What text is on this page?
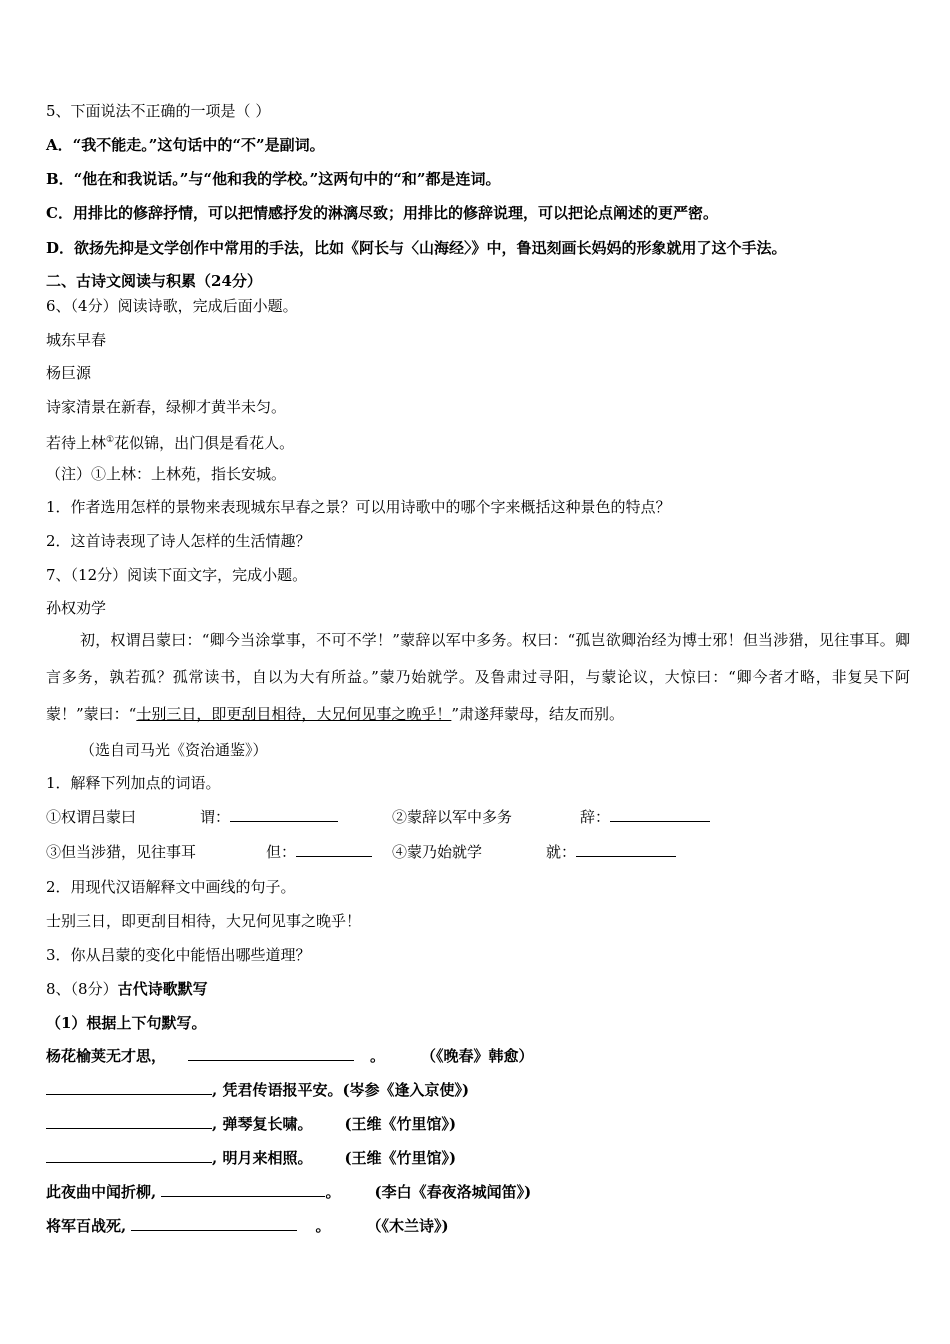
5、下面说法不正确的一项是（ ）
A．“我不能走。”这句话中的“不”是副词。
B．“他在和我说话。”与“他和我的学校。”这两句中的“和”都是连词。
C．用排比的修辞抒情，可以把情感抒发的淋漓尽致；用排比的修辞说理，可以把论点阐述的更严密。
D．欲扬先抑是文学创作中常用的手法，比如《阿长与〈山海经〉》中，鲁迅刻画长妈妈的形象就用了这个手法。
二、古诗文阅读与积累（24分）
6、（4分）阅读诗歌，完成后面小题。
城东早春
杨巨源
诗家清景在新春，绿柳才黄半未匀。
若待上林①花似锦，出门俱是看花人。
（注）①上林：上林苑，指长安城。
1．作者选用怎样的景物来表现城东早春之景？可以用诗歌中的哪个字来概括这种景色的特点？
2．这首诗表现了诗人怎样的生活情趣？
7、（12分）阅读下面文字，完成小题。
孙权劝学
初，权谓吕蒙曰：“卿今当涂掌事，不可不学！”蒙辞以军中多务。权曰：“孤岂欲卿治经为博士邪！但当涉猎，见往事耳。卿言多务，孰若孤？孤常读书，自以为大有所益。”蒙乃始就学。及鲁肃过寻阳，与蒙论议，大惊曰：“卿今者才略，非复吴下阿蒙！”蒙曰：“士别三日，即更刮目相待，大兄何见事之晚乎！”肃遂拜蒙母，结友而别。
（选自司马光《资治通鉴》）
1．解释下列加点的词语。
①权谓吕蒙曰	谓：	②蒙辞以军中多务	辞：
③但当涉猎，见往事耳	但：	④蒙乃始就学	就：
2．用现代汉语解释文中画线的句子。
士别三日，即更刮目相待，大兄何见事之晚乎！
3．你从吕蒙的变化中能悟出哪些道理？
8、（8分）古代诗歌默写
（1）根据上下句默写。
杨花榆荚无才思，	。 （《晚春》韩愈）
, 凭君传语报平安。(岑参《逢入京使》)
, 弹琴复长啸。 (王维《竹里馆》)
, 明月来相照。 (王维《竹里馆》)
此夜曲中闻折柳,	。 (李白《春夜洛城闻笛》)
将军百战死,	。 （《木兰诗》)
